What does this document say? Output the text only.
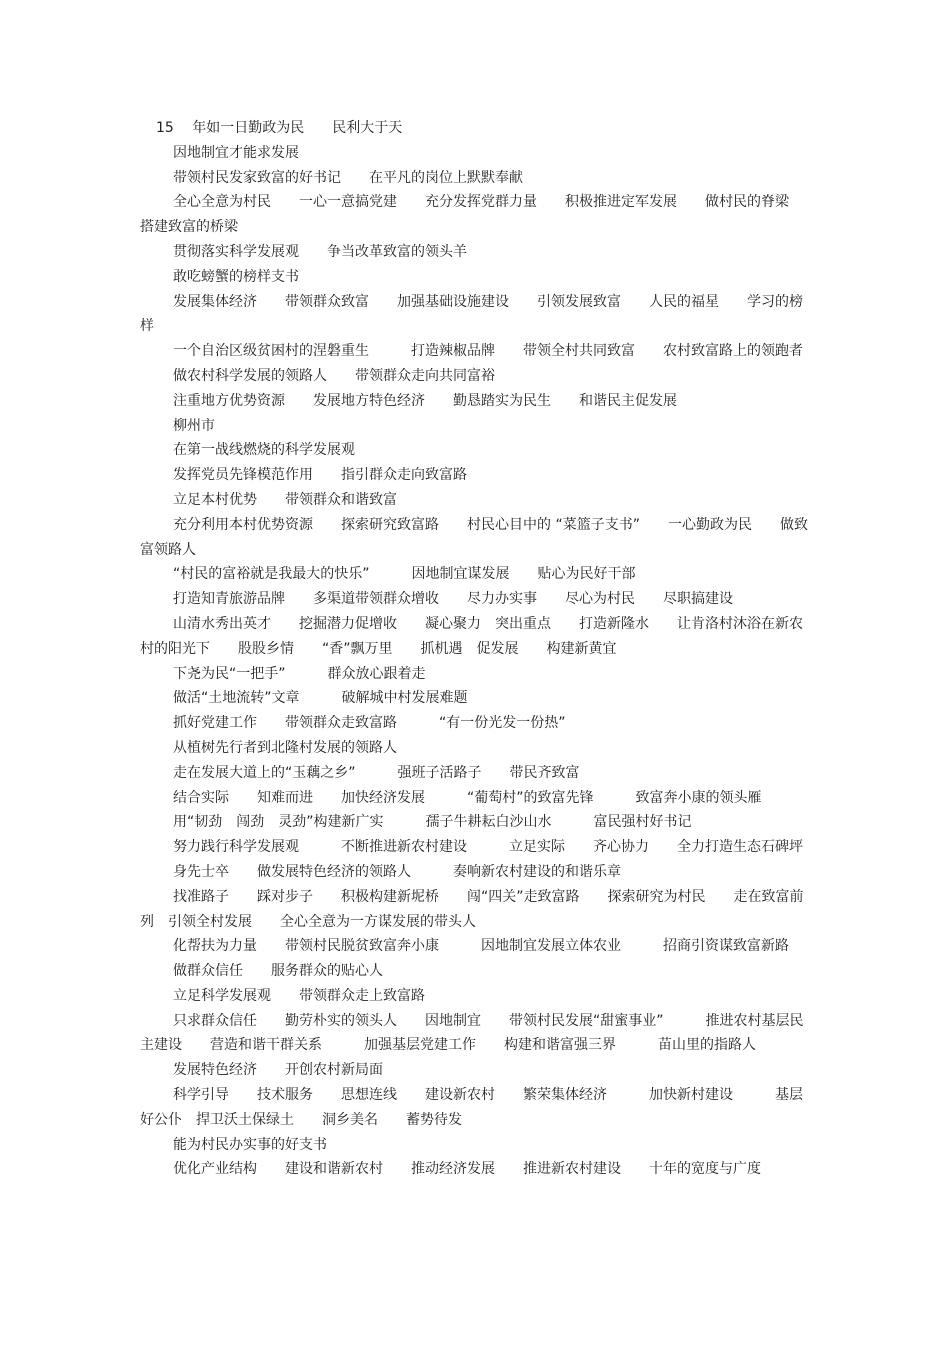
15　 年如一日勤政为民　　民利大于天

因地制宜才能求发展

带领村民发家致富的好书记　　在平凡的岗位上默默奉献

全心全意为村民　　一心一意搞党建　　充分发挥党群力量　　积极推进定军发展　　做村民的脊梁　搭建致富的桥梁

贯彻落实科学发展观　　争当改革致富的领头羊

敢吃螃蟹的榜样支书

发展集体经济　　带领群众致富　　加强基础设施建设　　引领发展致富　　人民的福星　　学习的榜样

一个自治区级贫困村的涅磐重生　　　打造辣椒品牌　　带领全村共同致富　　农村致富路上的领跑者

做农村科学发展的领路人　　带领群众走向共同富裕

注重地方优势资源　　发展地方特色经济　　勤恳踏实为民生　　和谐民主促发展

柳州市

在第一战线燃烧的科学发展观

发挥党员先锋模范作用　　指引群众走向致富路

立足本村优势　　带领群众和谐致富

充分利用本村优势资源　　探索研究致富路　　村民心目中的 “菜篮子支书”　　一心勤政为民　　做致富领路人

“村民的富裕就是我最大的快乐”　　　因地制宜谋发展　　贴心为民好干部

打造知青旅游品牌　　多渠道带领群众增收　　尽力办实事　　尽心为村民　　尽职搞建设

山清水秀出英才　　挖掘潜力促增收　　凝心聚力　突出重点　　打造新隆水　　让肯洛村沐浴在新农村的阳光下　　股股乡情　　“香”飘万里　　抓机遇　促发展　　构建新黄宜

下尧为民“一把手”　　　群众放心跟着走

做活“土地流转”文章　　　破解城中村发展难题

抓好党建工作　　带领群众走致富路　　　“有一份光发一份热”

从植树先行者到北隆村发展的领路人

走在发展大道上的“玉藕之乡”　　　强班子活路子　　带民齐致富

结合实际　　知难而进　　加快经济发展　　　“葡萄村”的致富先锋　　　致富奔小康的领头雁

用“韧劲　闯劲　灵劲”构建新广实　　　孺子牛耕耘白沙山水　　　富民强村好书记

努力践行科学发展观　　　不断推进新农村建设　　　立足实际　　齐心协力　　全力打造生态石碑坪

身先士卒　　做发展特色经济的领路人　　　奏响新农村建设的和谐乐章

找准路子　　踩对步子　　积极构建新坭桥　　闯“四关”走致富路　　探索研究为村民　　走在致富前列　引领全村发展　　全心全意为一方谋发展的带头人

化帮扶为力量　　带领村民脱贫致富奔小康　　　因地制宜发展立体农业　　　招商引资谋致富新路

做群众信任　　服务群众的贴心人

立足科学发展观　　带领群众走上致富路

只求群众信任　　勤劳朴实的领头人　　因地制宜　　带领村民发展“甜蜜事业”　　　推进农村基层民主建设　　营造和谐干群关系　　　加强基层党建工作　　构建和谐富强三界　　　苗山里的指路人

发展特色经济　　开创农村新局面

科学引导　　技术服务　　思想连线　　建设新农村　　繁荣集体经济　　　加快新村建设　　　基层好公仆　捍卫沃土保绿土　　洞乡美名　　蓄势待发

能为村民办实事的好支书

优化产业结构　　建设和谐新农村　　推动经济发展　　推进新农村建设　　十年的宽度与广度
